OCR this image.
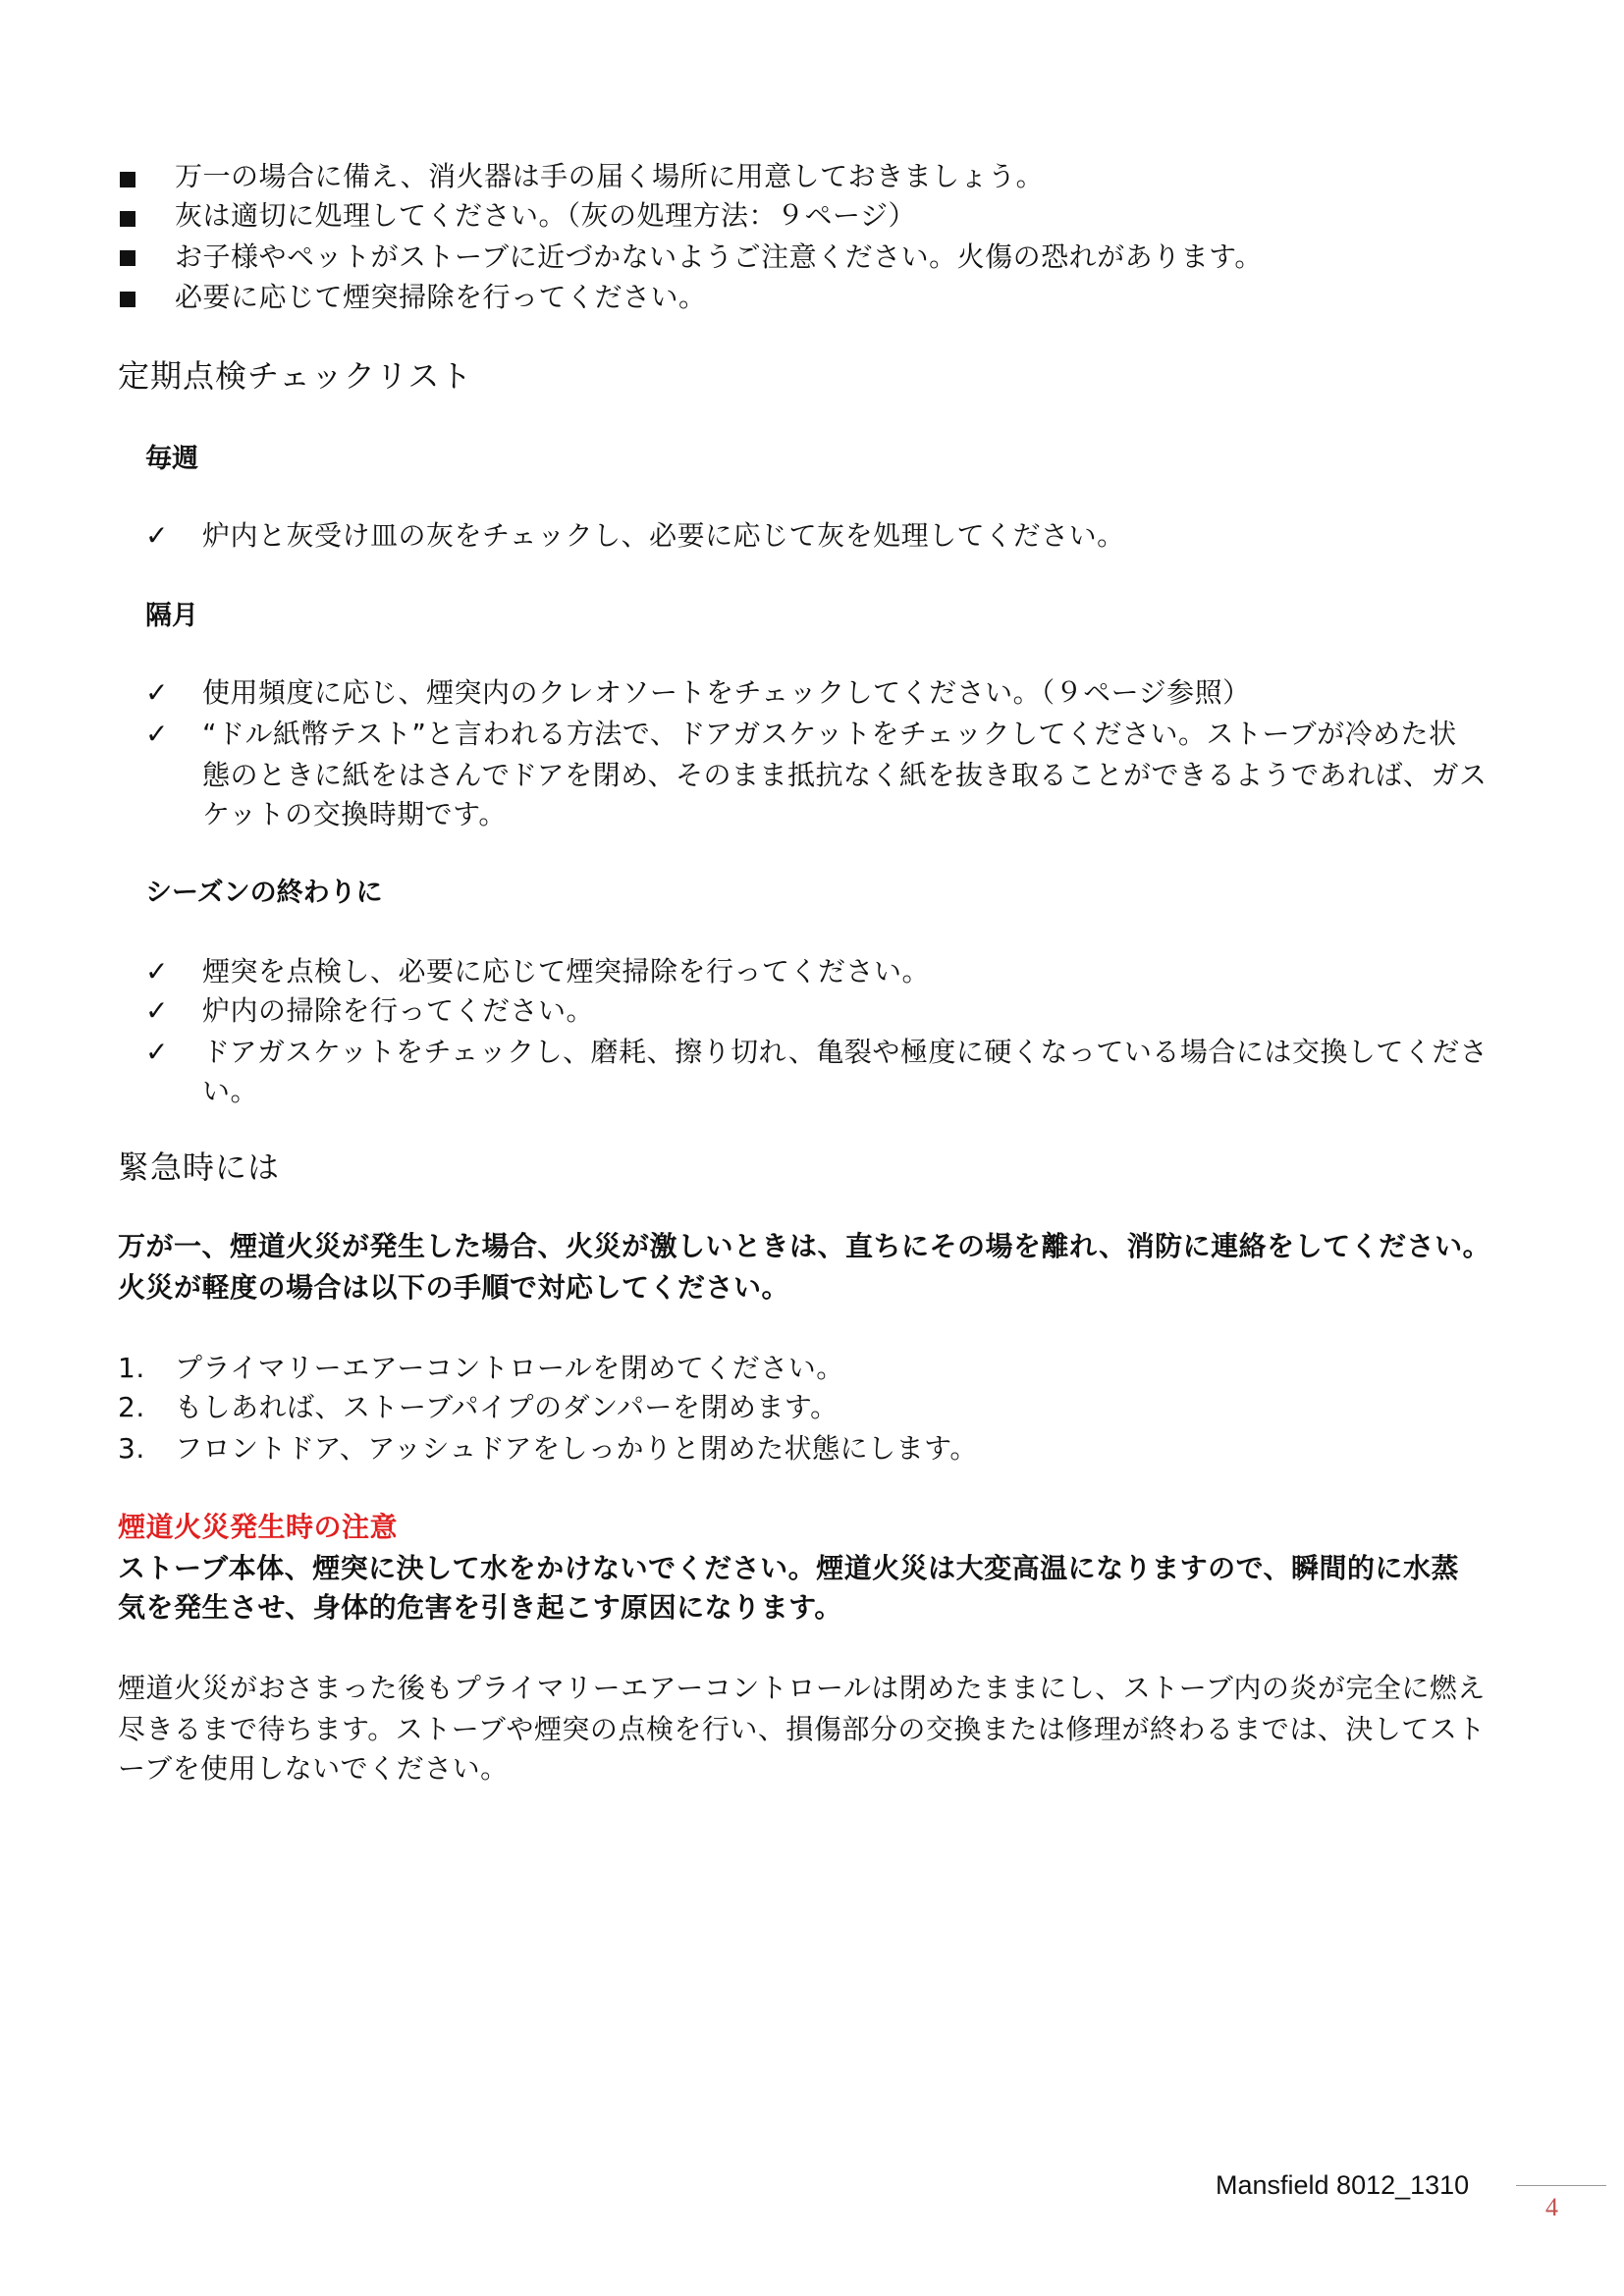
万一の場合に備え、消火器は手の届く場所に用意しておきましょう。
灰は適切に処理してください。（灰の処理方法：９ページ）
お子様やペットがストーブに近づかないようご注意ください。火傷の恐れがあります。
必要に応じて煙突掃除を行ってください。
定期点検チェックリスト
毎週
✓ 炉内と灰受け皿の灰をチェックし、必要に応じて灰を処理してください。
隔月
✓ 使用頻度に応じ、煙突内のクレオソートをチェックしてください。（９ページ参照）
✓ “ドル紙幣テスト”と言われる方法で、ドアガスケットをチェックしてください。ストーブが冷めた状
態のときに紙をはさんでドアを閉め、そのまま抵抗なく紙を抜き取ることができるようであれば、ガス
ケットの交換時期です。
シーズンの終わりに
✓ 煙突を点検し、必要に応じて煙突掃除を行ってください。
✓ 炉内の掃除を行ってください。
✓ ドアガスケットをチェックし、磨耗、擦り切れ、亀裂や極度に硬くなっている場合には交換してくださ
い。
緊急時には
万が一、煙道火災が発生した場合、火災が激しいときは、直ちにその場を離れ、消防に連絡をしてください。
火災が軽度の場合は以下の手順で対応してください。
1. プライマリーエアーコントロールを閉めてください。
2. もしあれば、ストーブパイプのダンパーを閉めます。
3. フロントドア、アッシュドアをしっかりと閉めた状態にします。
煙道火災発生時の注意
ストーブ本体、煙突に決して水をかけないでください。煙道火災は大変高温になりますので、瞬間的に水蒸
気を発生させ、身体的危害を引き起こす原因になります。
煙道火災がおさまった後もプライマリーエアーコントロールは閉めたままにし、ストーブ内の炎が完全に燃え
尽きるまで待ちます。ストーブや煙突の点検を行い、損傷部分の交換または修理が終わるまでは、決してスト
ーブを使用しないでください。
Mansfield 8012_1310
4
